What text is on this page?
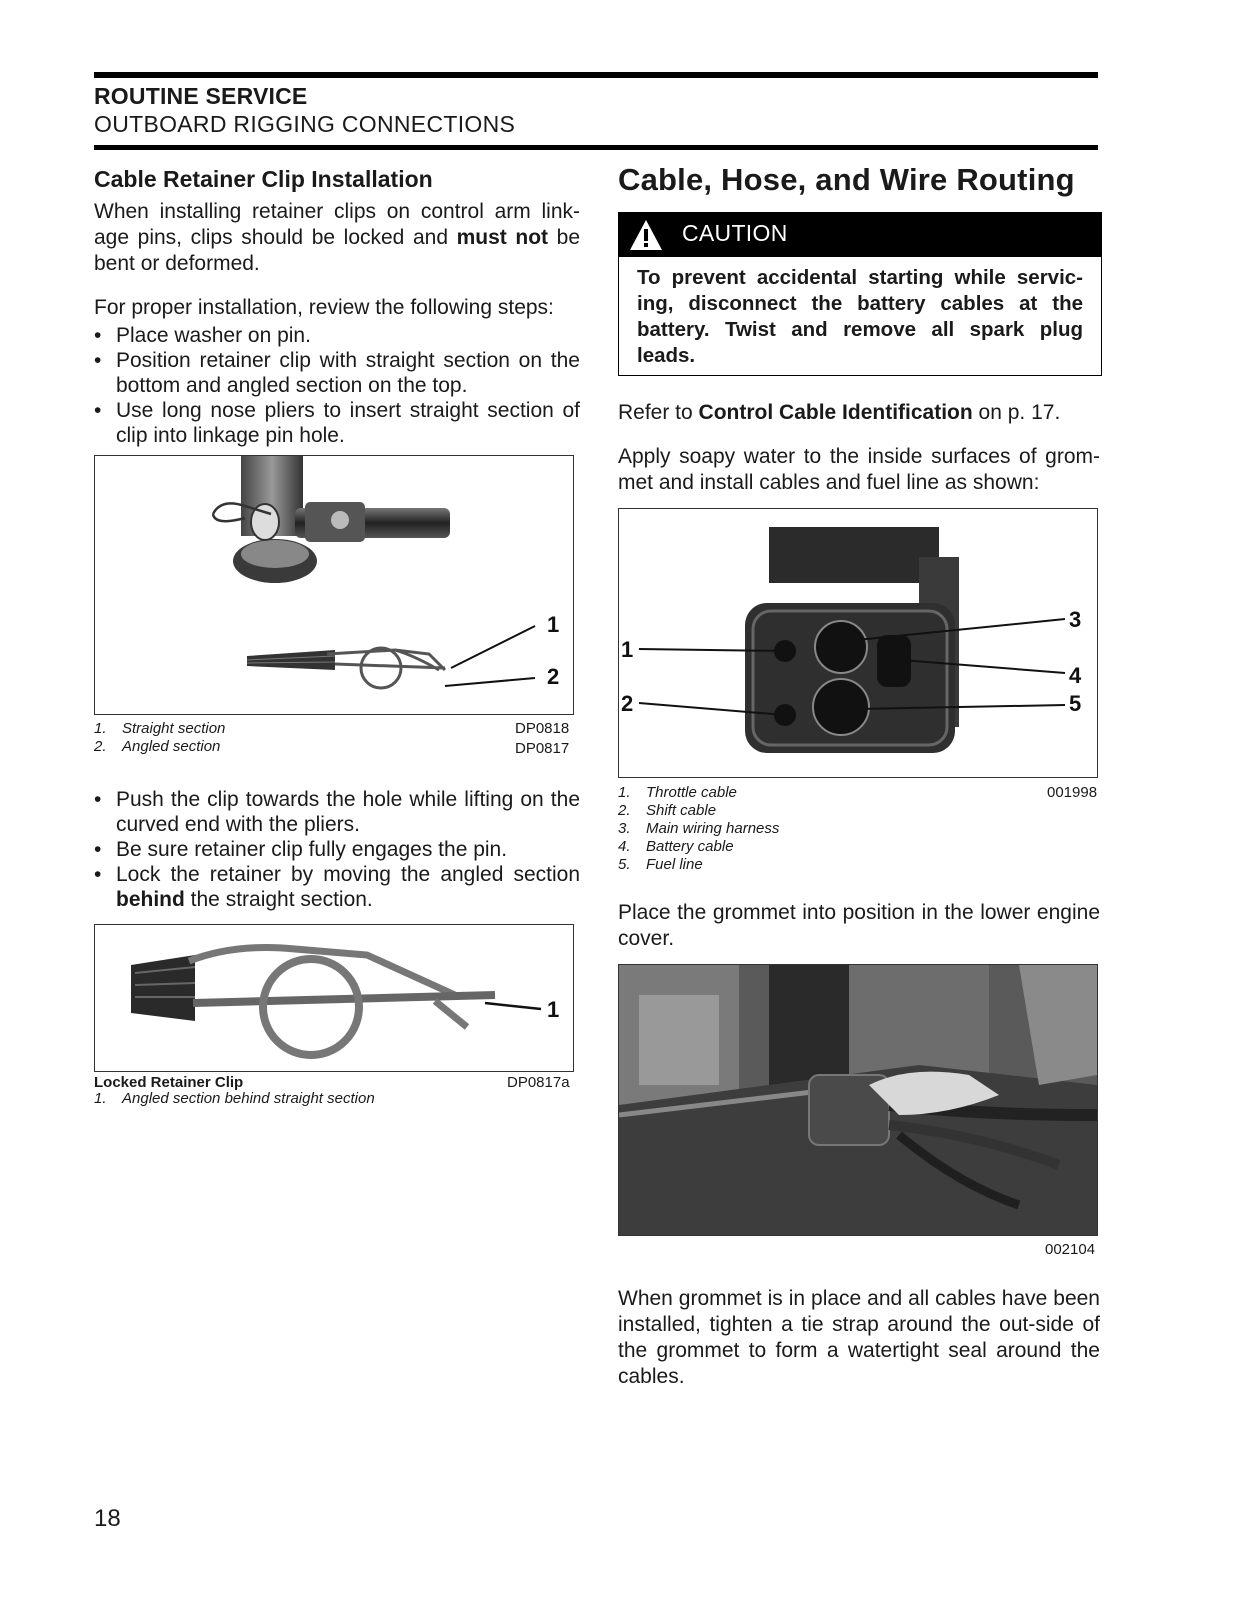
ROUTINE SERVICE
OUTBOARD RIGGING CONNECTIONS
Cable Retainer Clip Installation

When installing retainer clips on control arm link-age pins, clips should be locked and must not be bent or deformed.

For proper installation, review the following steps:

• Place washer on pin.
• Position retainer clip with straight section on the bottom and angled section on the top.
• Use long nose pliers to insert straight section of clip into linkage pin hole.
1
2
1. Straight section
2. Angled section
DP0818
DP0817
• Push the clip towards the hole while lifting on the curved end with the pliers.
• Be sure retainer clip fully engages the pin.
• Lock the retainer by moving the angled section behind the straight section.
1
Locked Retainer Clip	DP0817a
1. Angled section behind straight section
Cable, Hose, and Wire Routing
CAUTION

To prevent accidental starting while servic-ing, disconnect the battery cables at the battery. Twist and remove all spark plug leads.

Refer to Control Cable Identification on p. 17.

Apply soapy water to the inside surfaces of grom-met and install cables and fuel line as shown:

1
2
3
4
5
001998
1. Throttle cable
2. Shift cable
3. Main wiring harness
4. Battery cable
5. Fuel line

Place the grommet into position in the lower engine cover.

002104

When grommet is in place and all cables have been installed, tighten a tie strap around the out-side of the grommet to form a watertight seal around the cables.

18
